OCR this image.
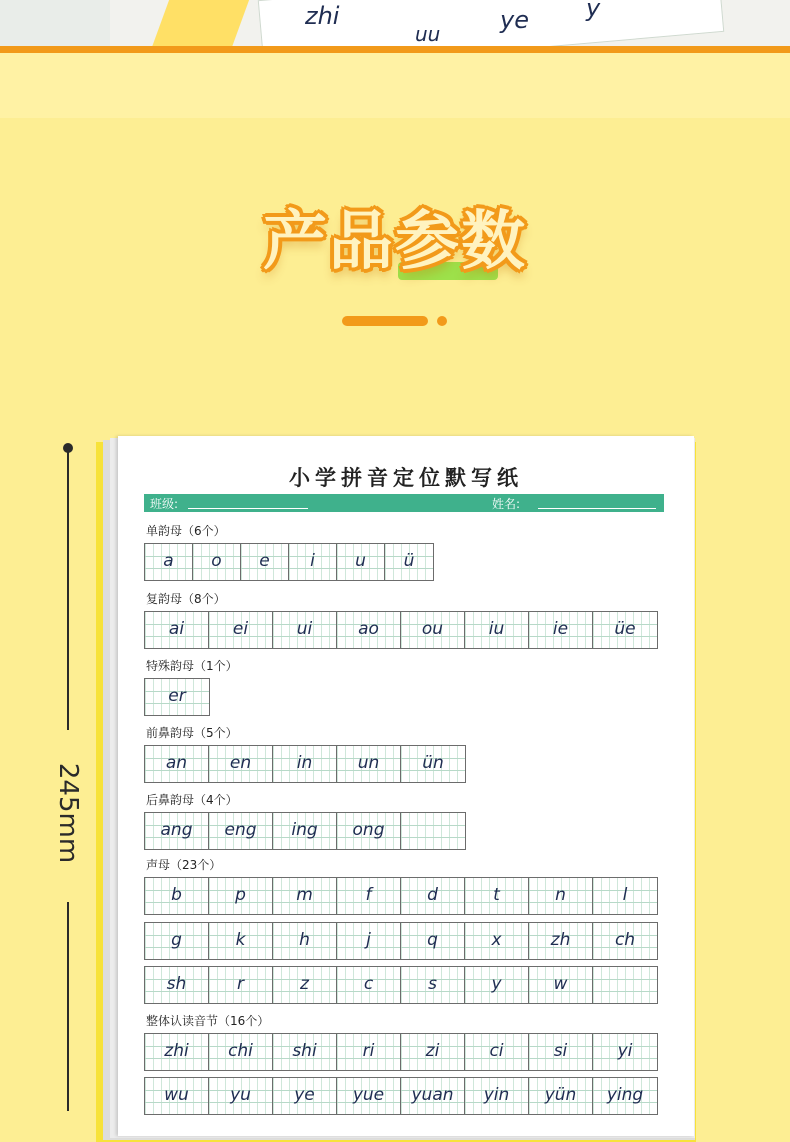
zhi	ye
uu
y
产品参数
245mm
小学拼音定位默写纸
班级:	姓名:
单韵母（6个）
a	o	e	i	u	ü
复韵母（8个）
ai	ei	ui	ao	ou	iu	ie	üe
特殊韵母（1个）
er
前鼻韵母（5个）
an	en	in	un	ün
后鼻韵母（4个）
ang	eng	ing	ong
声母（23个）
b	p	m	f	d	t	n	l
g	k	h	j	q	x	zh	ch
sh	r	z	c	s	y	w
整体认读音节（16个）
zhi	chi	shi	ri	zi	ci	si	yi
wu	yu	ye	yue	yuan	yin	yün	ying
